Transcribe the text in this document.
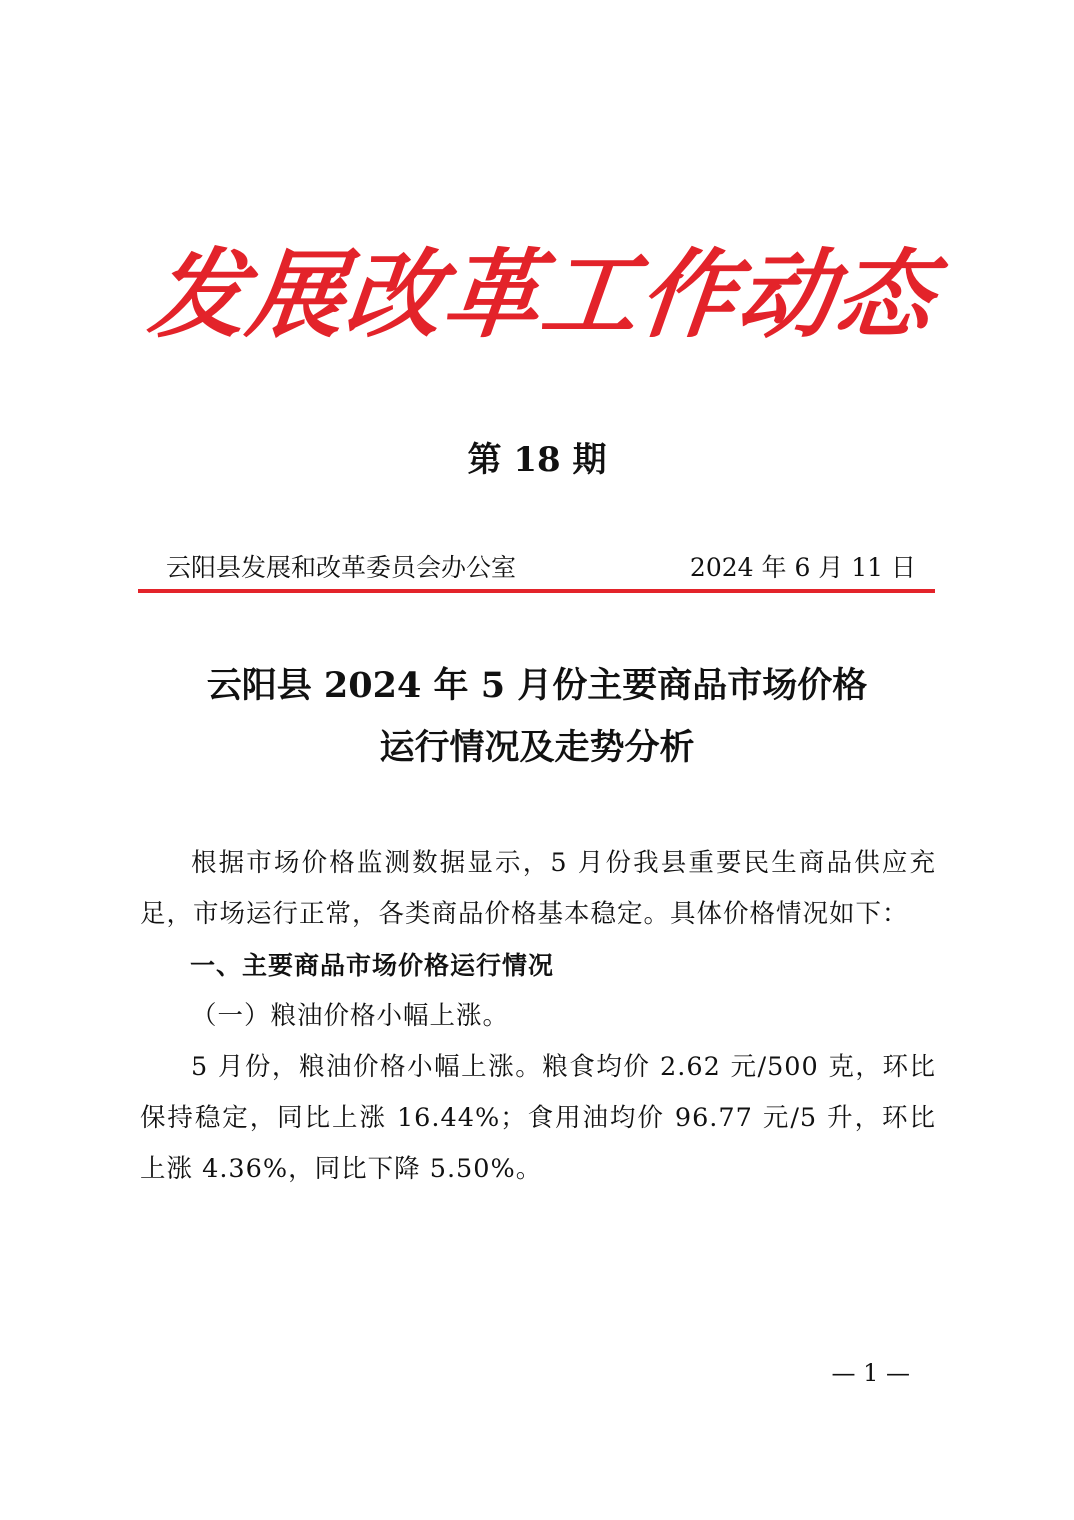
发展改革工作动态

第 18 期

云阳县发展和改革委员会办公室	2024 年 6 月 11 日

云阳县 2024 年 5 月份主要商品市场价格
运行情况及走势分析

根据市场价格监测数据显示，5 月份我县重要民生商品供应充足，市场运行正常，各类商品价格基本稳定。具体价格情况如下：

一、主要商品市场价格运行情况

（一）粮油价格小幅上涨。

5 月份，粮油价格小幅上涨。粮食均价 2.62 元/500 克，环比保持稳定，同比上涨 16.44%；食用油均价 96.77 元/5 升，环比上涨 4.36%，同比下降 5.50%。

— 1 —
